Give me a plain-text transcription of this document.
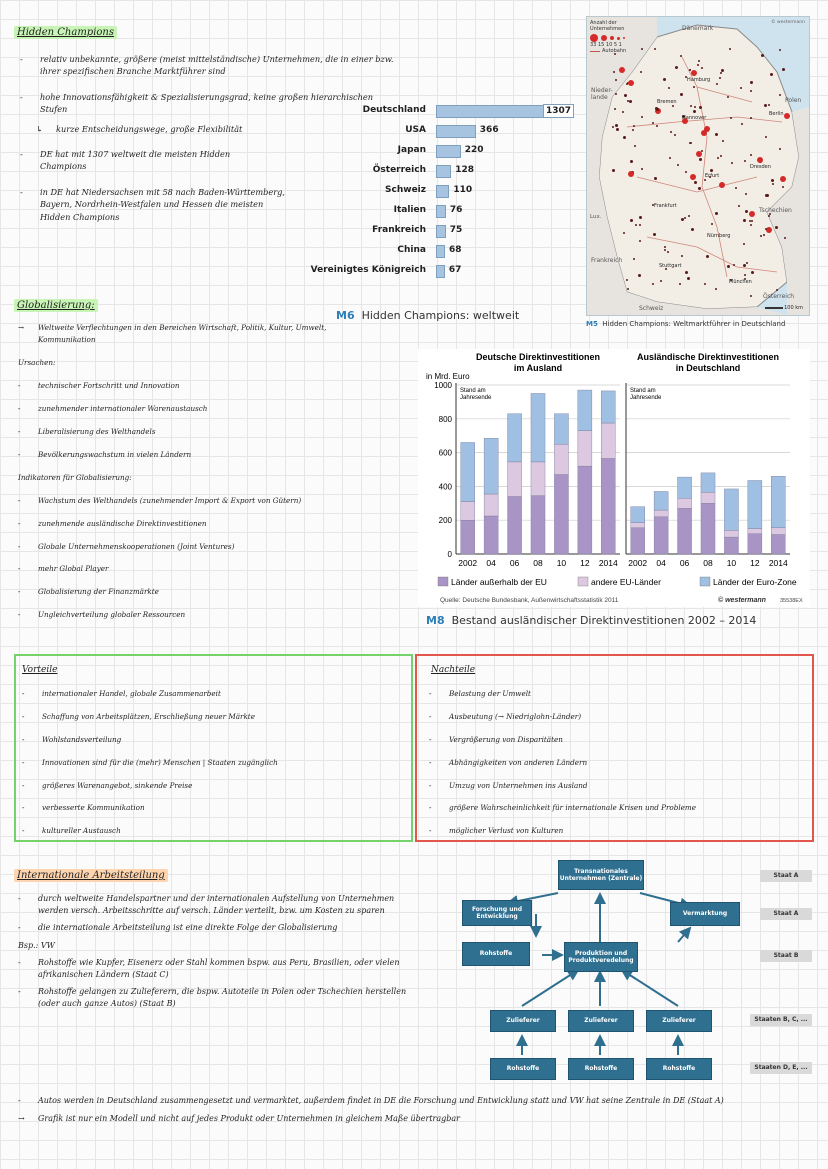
Hidden Champions
- relativ unbekannte, größere (meist mittelständische) Unternehmen, die in einer bzw. ihrer spezifischen Branche Marktführer sind
- hohe Innovationsfähigkeit & Spezialisierungsgrad, keine großen hierarchischen Stufen
↳ kurze Entscheidungswege, große Flexibilität
- DE hat mit 1307 weltweit die meisten Hidden Champions
- in DE hat Niedersachsen mit 58 nach Baden-Württemberg, Bayern, Nordrhein-Westfalen und Hessen die meisten Hidden Champions
Deutschland	1307
USA	366
Japan	220
Österreich	128
Schweiz	110
Italien	76
Frankreich	75
China	68
Vereinigtes Königreich	67
M6 Hidden Champions: weltweit
Anzahl der Unternehmen
33 15 10 5 1
Autobahn
© westermann
Dänemark
Polen
Tschechien
Österreich
Schweiz
Frankreich
Nieder-lande
Lux.
Hamburg
Bremen
Hannover
Berlin
Dresden
Erfurt
Frankfurt
Nürnberg
Stuttgart
München
100 km
M5 Hidden Champions: Weltmarktführer in Deutschland
Globalisierung:
→ Weltweite Verflechtungen in den Bereichen Wirtschaft, Politik, Kultur, Umwelt, Kommunikation
Ursachen:
- technischer Fortschritt und Innovation
- zunehmender internationaler Warenaustausch
- Liberalisierung des Welthandels
- Bevölkerungswachstum in vielen Ländern
Indikatoren für Globalisierung:
- Wachstum des Welthandels (zunehmender Import & Export von Gütern)
- zunehmende ausländische Direktinvestitionen
- Globale Unternehmenskooperationen (Joint Ventures)
- mehr Global Player
- Globalisierung der Finanzmärkte
- Ungleichverteilung globaler Ressourcen
Deutsche Direktinvestitionen
im Ausland
Ausländische Direktinvestitionen
in Deutschland
in Mrd. Euro
0
200
400
600
800
1000
Stand am
Jahresende
2002 04 06 08 10 12 2014
Stand am
Jahresende
2002 04 06 08 10 12 2014
Länder außerhalb der EU	andere EU-Länder	Länder der Euro-Zone
Quelle: Deutsche Bundesbank, Außenwirtschaftsstatistik 2011	© westermann	35538EX
M8 Bestand ausländischer Direktinvestitionen 2002 – 2014
Vorteile
- internationaler Handel, globale Zusammenarbeit
- Schaffung von Arbeitsplätzen, Erschließung neuer Märkte
- Wohlstandsverteilung
- Innovationen sind für die (mehr) Menschen | Staaten zugänglich
- größeres Warenangebot, sinkende Preise
- verbesserte Kommunikation
- kultureller Austausch
Nachteile
- Belastung der Umwelt
- Ausbeutung (→ Niedriglohn-Länder)
- Vergrößerung von Disparitäten
- Abhängigkeiten von anderen Ländern
- Umzug von Unternehmen ins Ausland
- größere Wahrscheinlichkeit für internationale Krisen und Probleme
- möglicher Verlust von Kulturen
Internationale Arbeitsteilung
- durch weltweite Handelspartner und der internationalen Aufstellung von Unternehmen werden versch. Arbeitsschritte auf versch. Länder verteilt, bzw. um Kosten zu sparen
- die internationale Arbeitsteilung ist eine direkte Folge der Globalisierung
Bsp.: VW
- Rohstoffe wie Kupfer, Eisenerz oder Stahl kommen bspw. aus Peru, Brasilien, oder vielen afrikanischen Ländern (Staat C)
- Rohstoffe gelangen zu Zulieferern, die bspw. Autoteile in Polen oder Tschechien herstellen (oder auch ganze Autos) (Staat B)
- Autos werden in Deutschland zusammengesetzt und vermarktet, außerdem findet in DE die Forschung und Entwicklung statt und VW hat seine Zentrale in DE (Staat A)
→ Grafik ist nur ein Modell und nicht auf jedes Produkt oder Unternehmen in gleichem Maße übertragbar
Transnationales Unternehmen (Zentrale)
Forschung und Entwicklung	Vermarktung
Rohstoffe	Produktion und Produktveredelung
Zulieferer	Zulieferer	Zulieferer
Rohstoffe	Rohstoffe	Rohstoffe
Staat A
Staat A
Staat B
Staaten B, C, ...
Staaten D, E, ...
